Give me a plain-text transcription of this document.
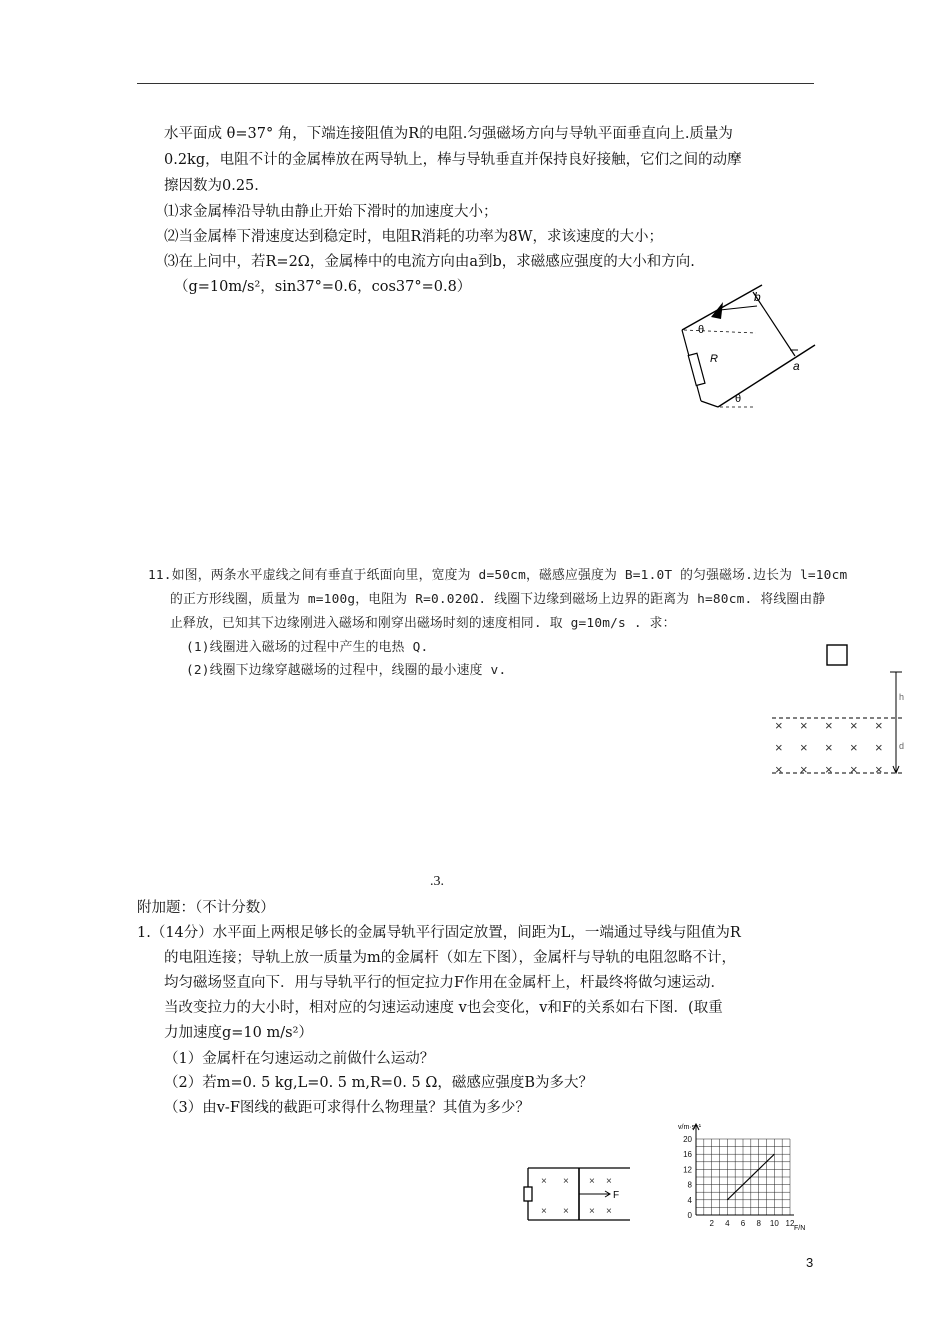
水平面成 θ=37° 角，下端连接阻值为R的电阻.匀强磁场方向与导轨平面垂直向上.质量为
0.2kg，电阻不计的金属棒放在两导轨上，棒与导轨垂直并保持良好接触，它们之间的动摩
擦因数为0.25.
⑴求金属棒沿导轨由静止开始下滑时的加速度大小；
⑵当金属棒下滑速度达到稳定时，电阻R消耗的功率为8W，求该速度的大小；
⑶在上问中，若R=2Ω，金属棒中的电流方向由a到b，求磁感应强度的大小和方向.
（g=10m/s²，sin37°=0.6，cos37°=0.8）
θ
θ
R
b
a
11.如图，两条水平虚线之间有垂直于纸面向里，宽度为 d=50cm，磁感应强度为 B=1.0T 的匀强磁场.边长为 l=10cm
的正方形线圈，质量为 m=100g，电阻为 R=0.020Ω. 线圈下边缘到磁场上边界的距离为 h=80cm. 将线圈由静
止释放，已知其下边缘刚进入磁场和刚穿出磁场时刻的速度相同. 取 g=10m/s . 求：
(1)线圈进入磁场的过程中产生的电热 Q.
(2)线圈下边缘穿越磁场的过程中，线圈的最小速度 v.
h
d
× × × × ×
× × × × ×
× × × × ×
.3.
附加题：（不计分数）
1.（14分）水平面上两根足够长的金属导轨平行固定放置，间距为L，一端通过导线与阻值为R
的电阻连接；导轨上放一质量为m的金属杆（如左下图），金属杆与导轨的电阻忽略不计，
均匀磁场竖直向下．用与导轨平行的恒定拉力F作用在金属杆上，杆最终将做匀速运动．
当改变拉力的大小时，相对应的匀速运动速度 v也会变化，v和F的关系如右下图．(取重
力加速度g=10 m/s²）
（1）金属杆在匀速运动之前做什么运动？
（2）若m=0. 5 kg,L=0. 5 m,R=0. 5 Ω，磁感应强度B为多大？
（3）由v-F图线的截距可求得什么物理量？其值为多少？
F
× × × ×
× × × ×
20
16
12
8
4
0
2 4 6 8 10 12
v/m·s⁻¹
F/N
3
